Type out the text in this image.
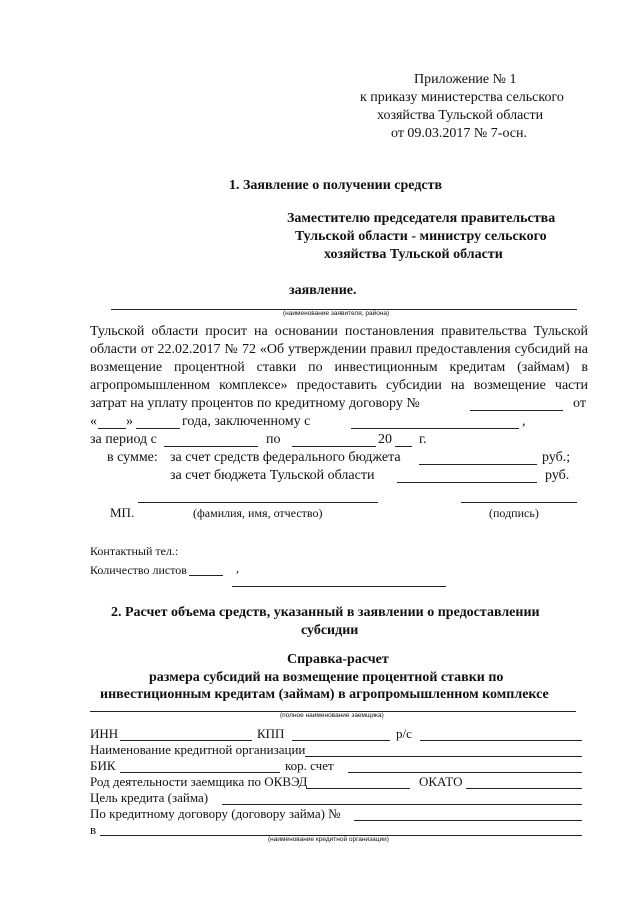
Приложение № 1
к приказу министерства сельского
хозяйства Тульской области
от 09.03.2017 № 7-осн.
1. Заявление о получении средств
Заместителю председателя правительства
Тульской области - министру сельского
хозяйства Тульской области
заявление.
(наименование заявителя, района)
Тульской области просит на основании постановления правительства Тульской
области от 22.02.2017 № 72 «Об утверждении правил предоставления субсидий на
возмещение процентной ставки по инвестиционным кредитам (займам) в
агропромышленном комплексе» предоставить субсидии на возмещение части
затрат на уплату процентов по кредитному договору №	от
« »	года, заключенному с	,
за период с	по	20 г.
в сумме: за счет средств федерального бюджета	руб.;
за счет бюджета Тульской области	руб.
МП.	(фамилия, имя, отчество)	(подпись)
Контактный тел.:
Количество листов	,
2. Расчет объема средств, указанный в заявлении о предоставлении
субсидии
Справка-расчет
размера субсидий на возмещение процентной ставки по
инвестиционным кредитам (займам) в агропромышленном комплексе
(полное наименование заемщика)
ИНН	КПП	р/с
Наименование кредитной организации
БИК	кор. счет
Род деятельности заемщика по ОКВЭД	ОКАТО
Цель кредита (займа)
По кредитному договору (договору займа) №
в
(наименование кредитной организации)
